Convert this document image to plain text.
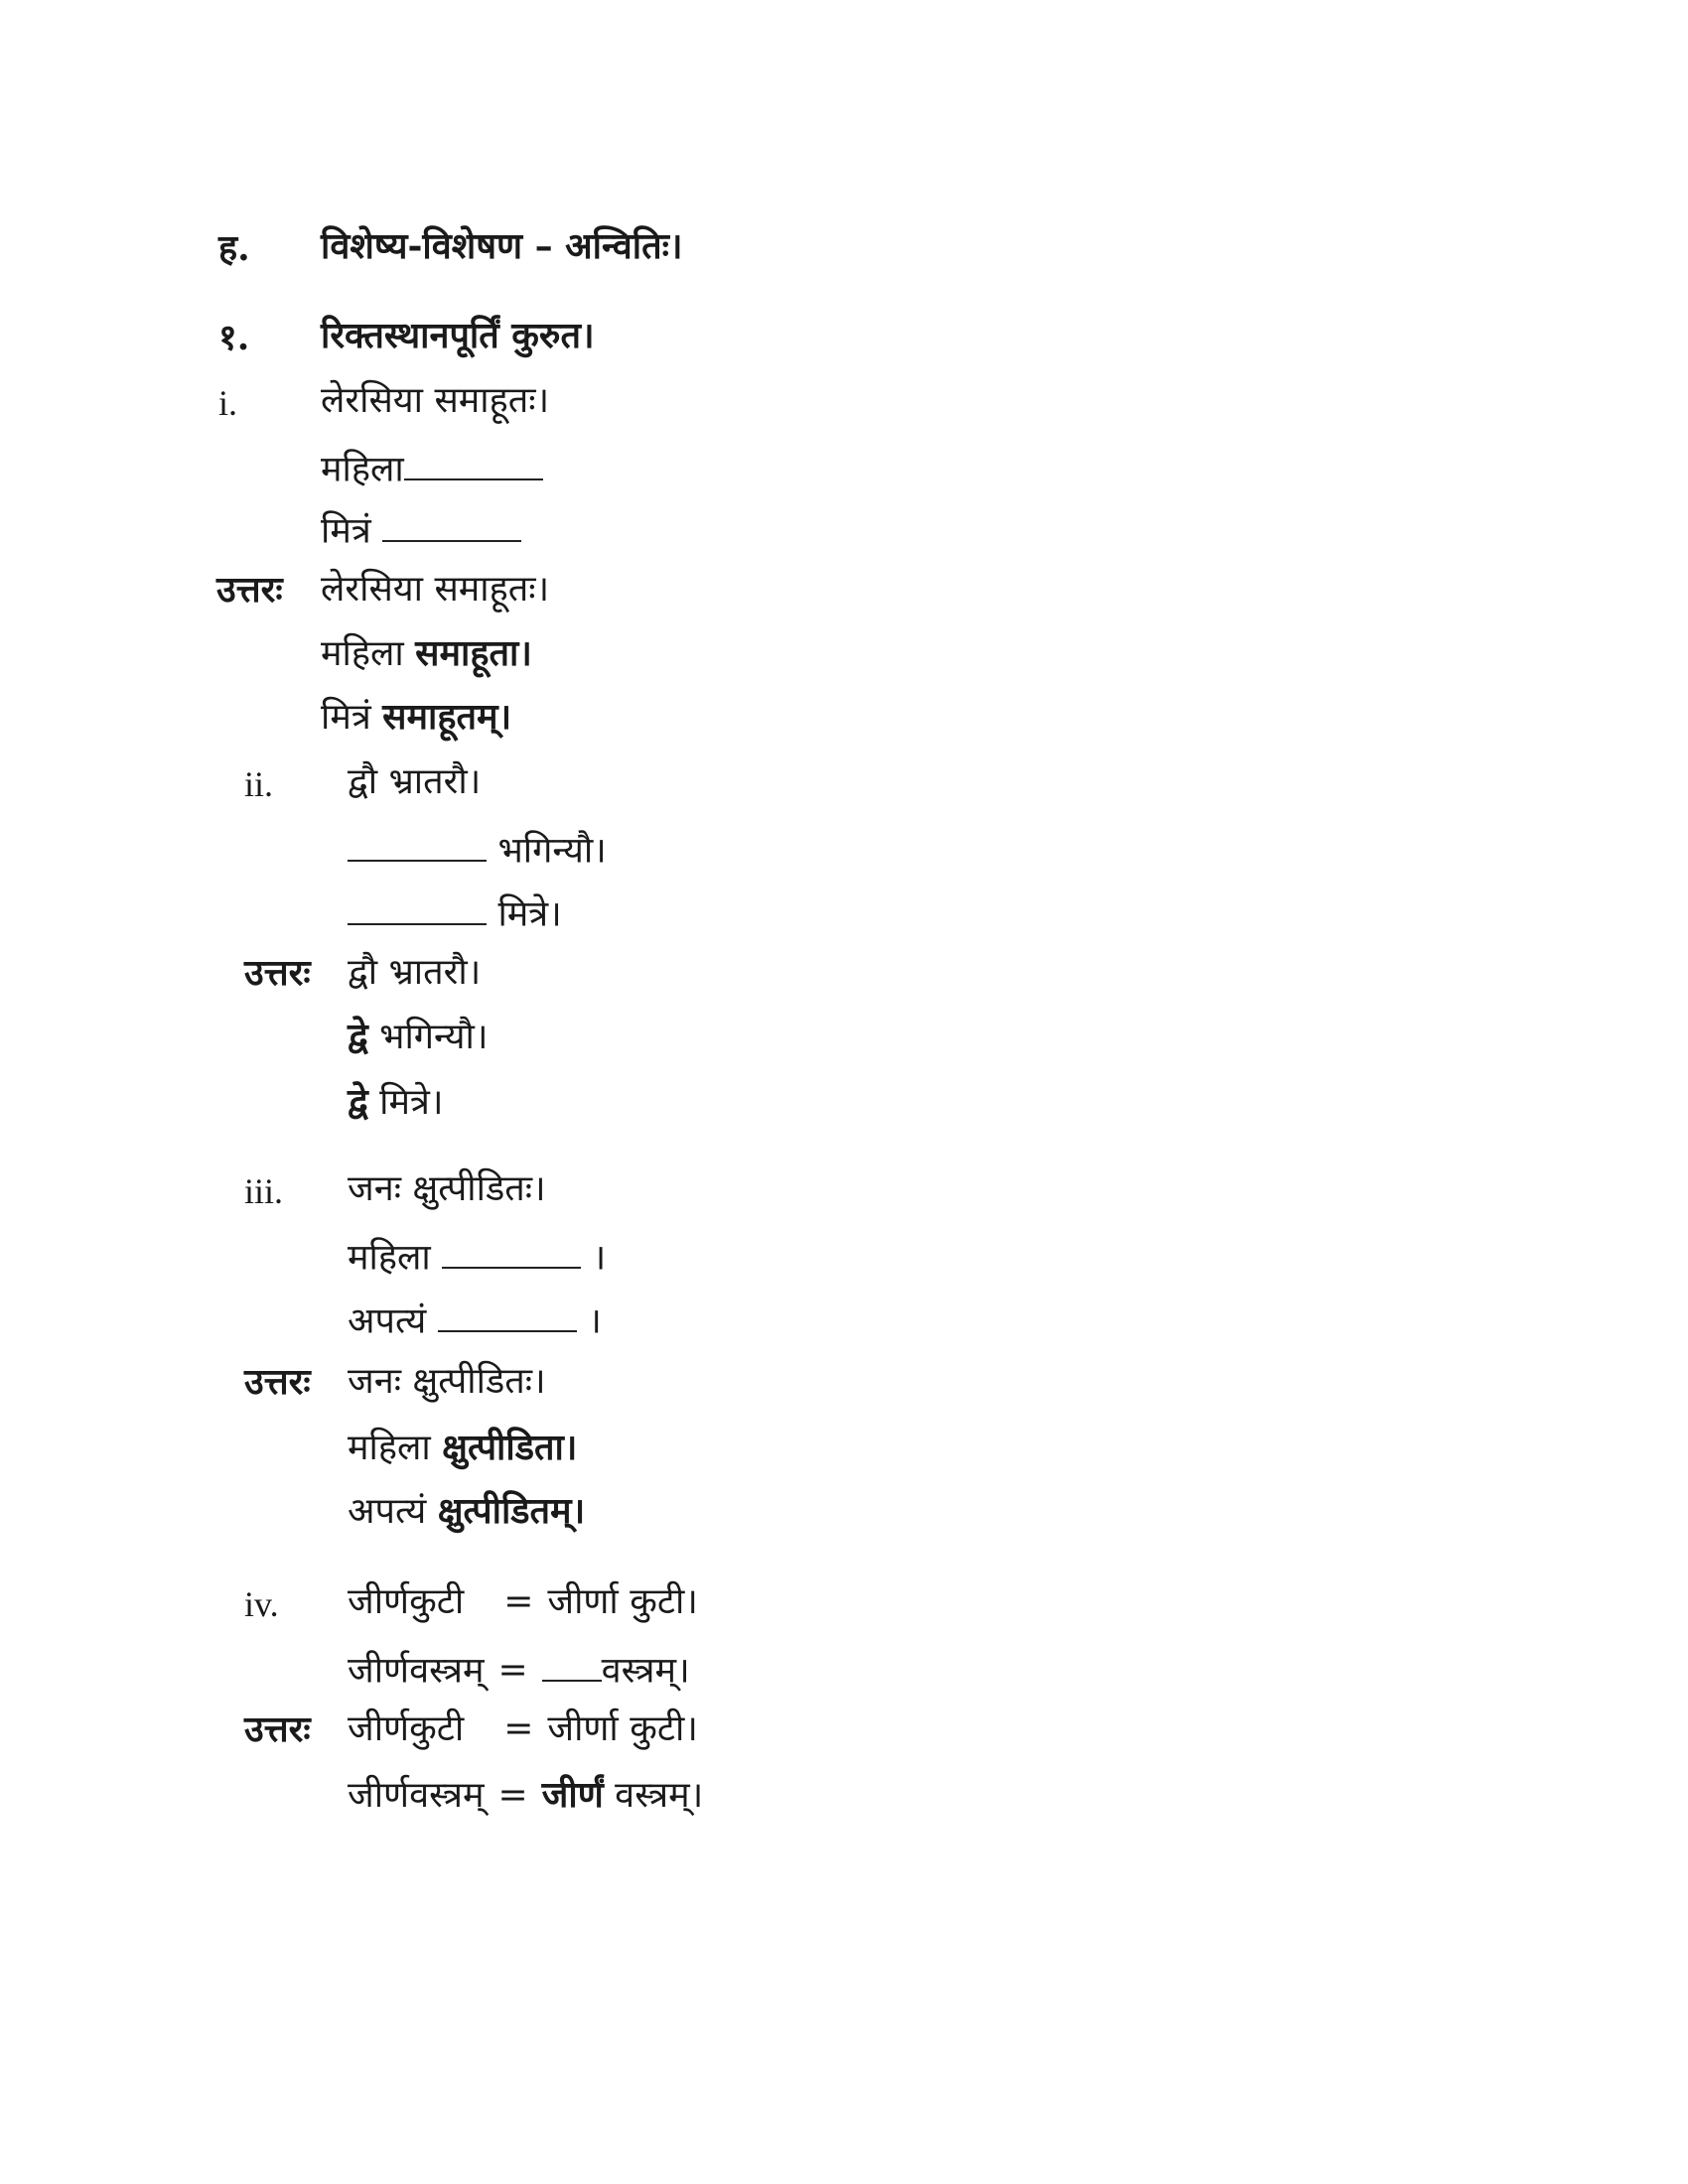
ह. विशेष्य-विशेषण – अन्वितिः।
१. रिक्तस्थानपूर्तिं कुरुत।
i. लेरसिया समाहूतः।
महिला
मित्रं
उत्तरः लेरसिया समाहूतः।
महिला समाहूता।
मित्रं समाहूतम्।
ii. द्वौ भ्रातरौ।
भगिन्यौ।
मित्रे।
उत्तरः द्वौ भ्रातरौ।
द्वे भगिन्यौ।
द्वे मित्रे।
iii. जनः क्षुत्पीडितः।
महिला	।
अपत्यं	।
उत्तरः जनः क्षुत्पीडितः।
महिला क्षुत्पीडिता।
अपत्यं क्षुत्पीडितम्।
iv. जीर्णकुटी = जीर्णा कुटी।
जीर्णवस्त्रम् = वस्त्रम्।
उत्तरः जीर्णकुटी = जीर्णा कुटी।
जीर्णवस्त्रम् = जीर्णं वस्त्रम्।
